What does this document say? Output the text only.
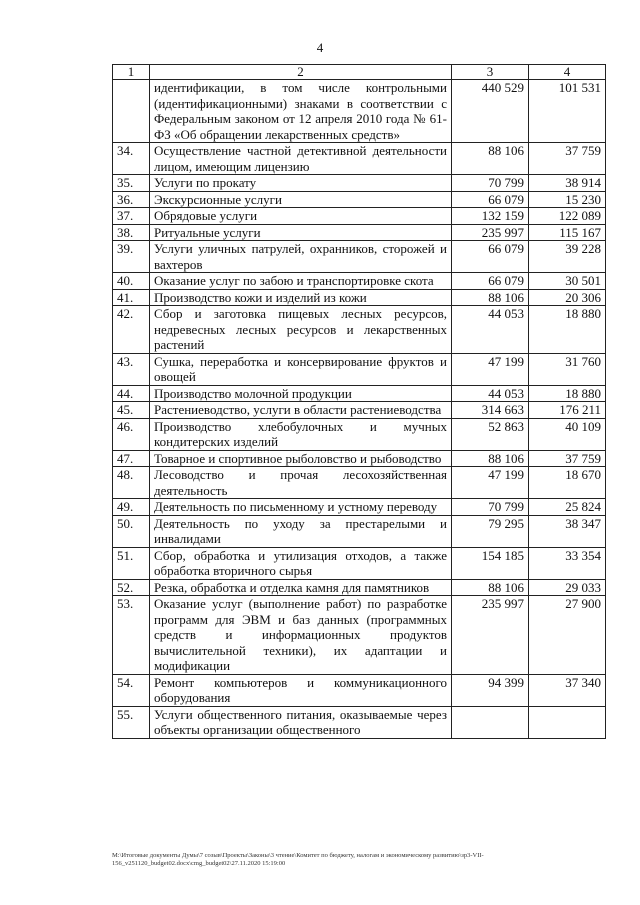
4
1	2	3	4
	идентификации, в том числе контрольными (идентификационными) знаками в соответствии с Федеральным законом от 12 апреля 2010 года № 61-ФЗ «Об обращении лекарственных средств»	440 529	101 531
34.	Осуществление частной детективной деятельности лицом, имеющим лицензию	88 106	37 759
35.	Услуги по прокату	70 799	38 914
36.	Экскурсионные услуги	66 079	15 230
37.	Обрядовые услуги	132 159	122 089
38.	Ритуальные услуги	235 997	115 167
39.	Услуги уличных патрулей, охранников, сторожей и вахтеров	66 079	39 228
40.	Оказание услуг по забою и транспортировке скота	66 079	30 501
41.	Производство кожи и изделий из кожи	88 106	20 306
42.	Сбор и заготовка пищевых лесных ресурсов, недревесных лесных ресурсов и лекарственных растений	44 053	18 880
43.	Сушка, переработка и консервирование фруктов и овощей	47 199	31 760
44.	Производство молочной продукции	44 053	18 880
45.	Растениеводство, услуги в области растениеводства	314 663	176 211
46.	Производство хлебобулочных и мучных кондитерских изделий	52 863	40 109
47.	Товарное и спортивное рыболовство и рыбоводство	88 106	37 759
48.	Лесоводство и прочая лесохозяйственная деятельность	47 199	18 670
49.	Деятельность по письменному и устному переводу	70 799	25 824
50.	Деятельность по уходу за престарелыми и инвалидами	79 295	38 347
51.	Сбор, обработка и утилизация отходов, а также обработка вторичного сырья	154 185	33 354
52.	Резка, обработка и отделка камня для памятников	88 106	29 033
53.	Оказание услуг (выполнение работ) по разработке программ для ЭВМ и баз данных (программных средств и информационных продуктов вычислительной техники), их адаптации и модификации	235 997	27 900
54.	Ремонт компьютеров и коммуникационного оборудования	94 399	37 340
55.	Услуги общественного питания, оказываемые через объекты организации общественного		
M:\Итоговые документы Думы\7 созыв\Проекты\Законы\3 чтение\Комитет по бюджету, налогам и экономическому развитию\зр3-VII-156_v251120_budget02.docx\cmg_budget02\27.11.2020 15:19:00
